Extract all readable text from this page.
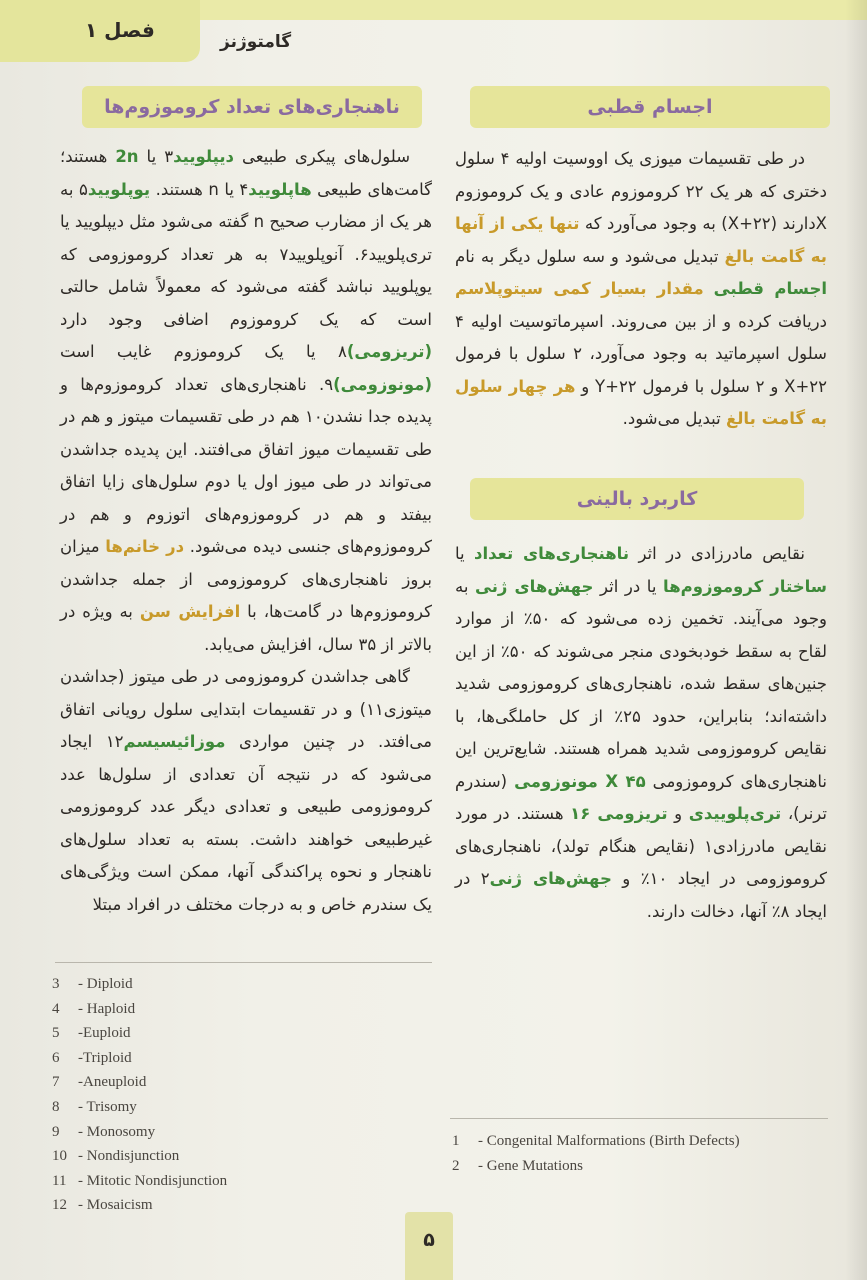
فصل ۱	گامتوژنز
ناهنجاری‌های تعداد کروموزوم‌ها

سلول‌های پیکری طبیعی دیپلویید۳ یا 2n هستند؛ گامت‌های طبیعی هاپلویید۴ یا n هستند. یوپلویید۵ به هر یک از مضارب صحیح n گفته می‌شود مثل دیپلویید یا تری‌پلویید۶. آنوپلویید۷ به هر تعداد کروموزومی که یوپلویید نباشد گفته می‌شود که معمولاً شامل حالتی است که یک کروموزوم اضافی وجود دارد (تریزومی)۸ یا یک کروموزوم غایب است (مونوزومی)۹. ناهنجاری‌های تعداد کروموزوم‌ها و پدیده جدا نشدن۱۰ هم در طی تقسیمات میتوز و هم در طی تقسیمات میوز اتفاق می‌افتند. این پدیده جداشدن می‌تواند در طی میوز اول یا دوم سلول‌های زایا اتفاق بیفتد و هم در کروموزوم‌های اتوزوم و هم در کروموزوم‌های جنسی دیده می‌شود. در خانم‌ها میزان بروز ناهنجاری‌های کروموزومی از جمله جداشدن کروموزوم‌ها در گامت‌ها، با افزایش سن به ویژه در بالاتر از ۳۵ سال، افزایش می‌یابد.

گاهی جداشدن کروموزومی در طی میتوز (جداشدن میتوزی۱۱) و در تقسیمات ابتدایی سلول رویانی اتفاق می‌افتد. در چنین مواردی موزائیسیسم۱۲ ایجاد می‌شود که در نتیجه آن تعدادی از سلول‌ها عدد کروموزومی طبیعی و تعدادی دیگر عدد کروموزومی غیرطبیعی خواهند داشت. بسته به تعداد سلول‌های ناهنجار و نحوه پراکندگی آنها، ممکن است ویژگی‌های یک سندرم خاص و به درجات مختلف در افراد مبتلا

3 - Diploid
4 - Haploid
5 -Euploid
6 -Triploid
7 -Aneuploid
8 - Trisomy
9 - Monosomy
10 - Nondisjunction
11 - Mitotic Nondisjunction
12 - Mosaicism
اجسام قطبی

در طی تقسیمات میوزی یک اووسیت اولیه ۴ سلول دختری که هر یک ۲۲ کروموزوم عادی و یک کروموزوم Xدارند (۲۲+X) به وجود می‌آورد که تنها یکی از آنها به گامت بالغ تبدیل می‌شود و سه سلول دیگر به نام اجسام قطبی مقدار بسیار کمی سیتوپلاسم دریافت کرده و از بین می‌روند. اسپرماتوسیت اولیه ۴ سلول اسپرماتید به وجود می‌آورد، ۲ سلول با فرمول ۲۲+X و ۲ سلول با فرمول ۲۲+Y و هر چهار سلول به گامت بالغ تبدیل می‌شود.

کاربرد بالینی

نقایص مادرزادی در اثر ناهنجاری‌های تعداد یا ساختار کروموزوم‌ها یا در اثر جهش‌های ژنی به وجود می‌آیند. تخمین زده می‌شود که ۵۰٪ از موارد لقاح به سقط خودبخودی منجر می‌شوند که ۵۰٪ از این جنین‌های سقط شده، ناهنجاری‌های کروموزومی شدید داشته‌اند؛ بنابراین، حدود ۲۵٪ از کل حاملگی‌ها، با نقایص کروموزومی شدید همراه هستند. شایع‌ترین این ناهنجاری‌های کروموزومی ۴۵ X مونوزومی (سندرم ترنر)، تری‌پلوییدی و تریزومی ۱۶ هستند. در مورد نقایص مادرزادی۱ (نقایص هنگام تولد)، ناهنجاری‌های کروموزومی در ایجاد ۱۰٪ و جهش‌های ژنی۲ در ایجاد ۸٪ آنها، دخالت دارند.

1 - Congenital Malformations (Birth Defects)
2 - Gene Mutations
۵
